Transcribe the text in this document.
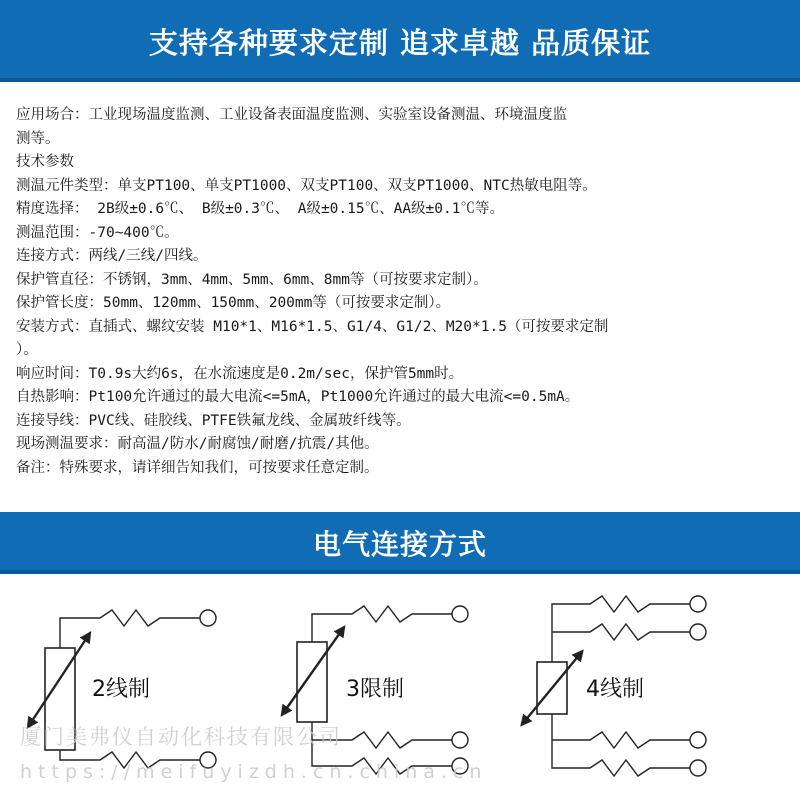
支持各种要求定制 追求卓越 品质保证

应用场合：工业现场温度监测、工业设备表面温度监测、实验室设备测温、环境温度监

测等。

技术参数

测温元件类型：单支PT100、单支PT1000、双支PT100、双支PT1000、NTC热敏电阻等。

精度选择： 2B级±0.6℃、 B级±0.3℃、 A级±0.15℃、AA级±0.1℃等。

测温范围：-70~400℃。

连接方式：两线/三线/四线。

保护管直径：不锈钢，3mm、4mm、5mm、6mm、8mm等（可按要求定制）。

保护管长度：50mm、120mm、150mm、200mm等（可按要求定制）。

安装方式：直插式、螺纹安装 M10*1、M16*1.5、G1/4、G1/2、M20*1.5（可按要求定制

）。

响应时间：T0.9s大约6s，在水流速度是0.2m/sec，保护管5mm时。

自热影响：Pt100允许通过的最大电流<=5mA，Pt1000允许通过的最大电流<=0.5mA。

连接导线：PVC线、硅胶线、PTFE铁氟龙线、金属玻纤线等。

现场测温要求：耐高温/防水/耐腐蚀/耐磨/抗震/其他。

备注：特殊要求，请详细告知我们，可按要求任意定制。

电气连接方式
2线制	3限制	4线制
厦门美弗仪自动化科技有限公司
https://meifuyizdh.cn.china.cn
